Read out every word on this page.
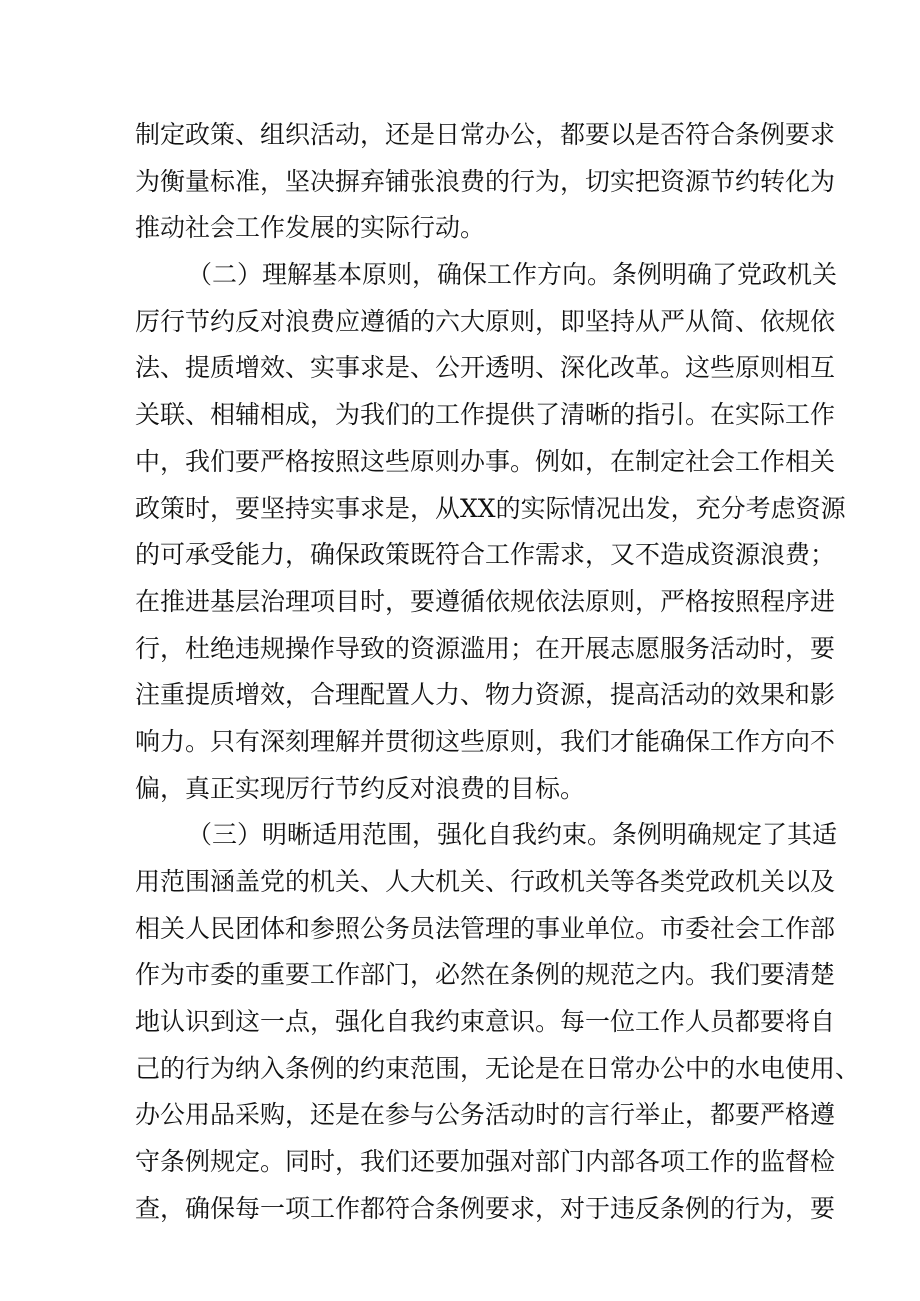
制定政策、组织活动，还是日常办公，都要以是否符合条例要求
为衡量标准，坚决摒弃铺张浪费的行为，切实把资源节约转化为
推动社会工作发展的实际行动。
（二）理解基本原则，确保工作方向。条例明确了党政机关
厉行节约反对浪费应遵循的六大原则，即坚持从严从简、依规依
法、提质增效、实事求是、公开透明、深化改革。这些原则相互
关联、相辅相成，为我们的工作提供了清晰的指引。在实际工作
中，我们要严格按照这些原则办事。例如，在制定社会工作相关
政策时，要坚持实事求是，从XX的实际情况出发，充分考虑资源
的可承受能力，确保政策既符合工作需求，又不造成资源浪费；
在推进基层治理项目时，要遵循依规依法原则，严格按照程序进
行，杜绝违规操作导致的资源滥用；在开展志愿服务活动时，要
注重提质增效，合理配置人力、物力资源，提高活动的效果和影
响力。只有深刻理解并贯彻这些原则，我们才能确保工作方向不
偏，真正实现厉行节约反对浪费的目标。
（三）明晰适用范围，强化自我约束。条例明确规定了其适
用范围涵盖党的机关、人大机关、行政机关等各类党政机关以及
相关人民团体和参照公务员法管理的事业单位。市委社会工作部
作为市委的重要工作部门，必然在条例的规范之内。我们要清楚
地认识到这一点，强化自我约束意识。每一位工作人员都要将自
己的行为纳入条例的约束范围，无论是在日常办公中的水电使用、
办公用品采购，还是在参与公务活动时的言行举止，都要严格遵
守条例规定。同时，我们还要加强对部门内部各项工作的监督检
查，确保每一项工作都符合条例要求，对于违反条例的行为，要
